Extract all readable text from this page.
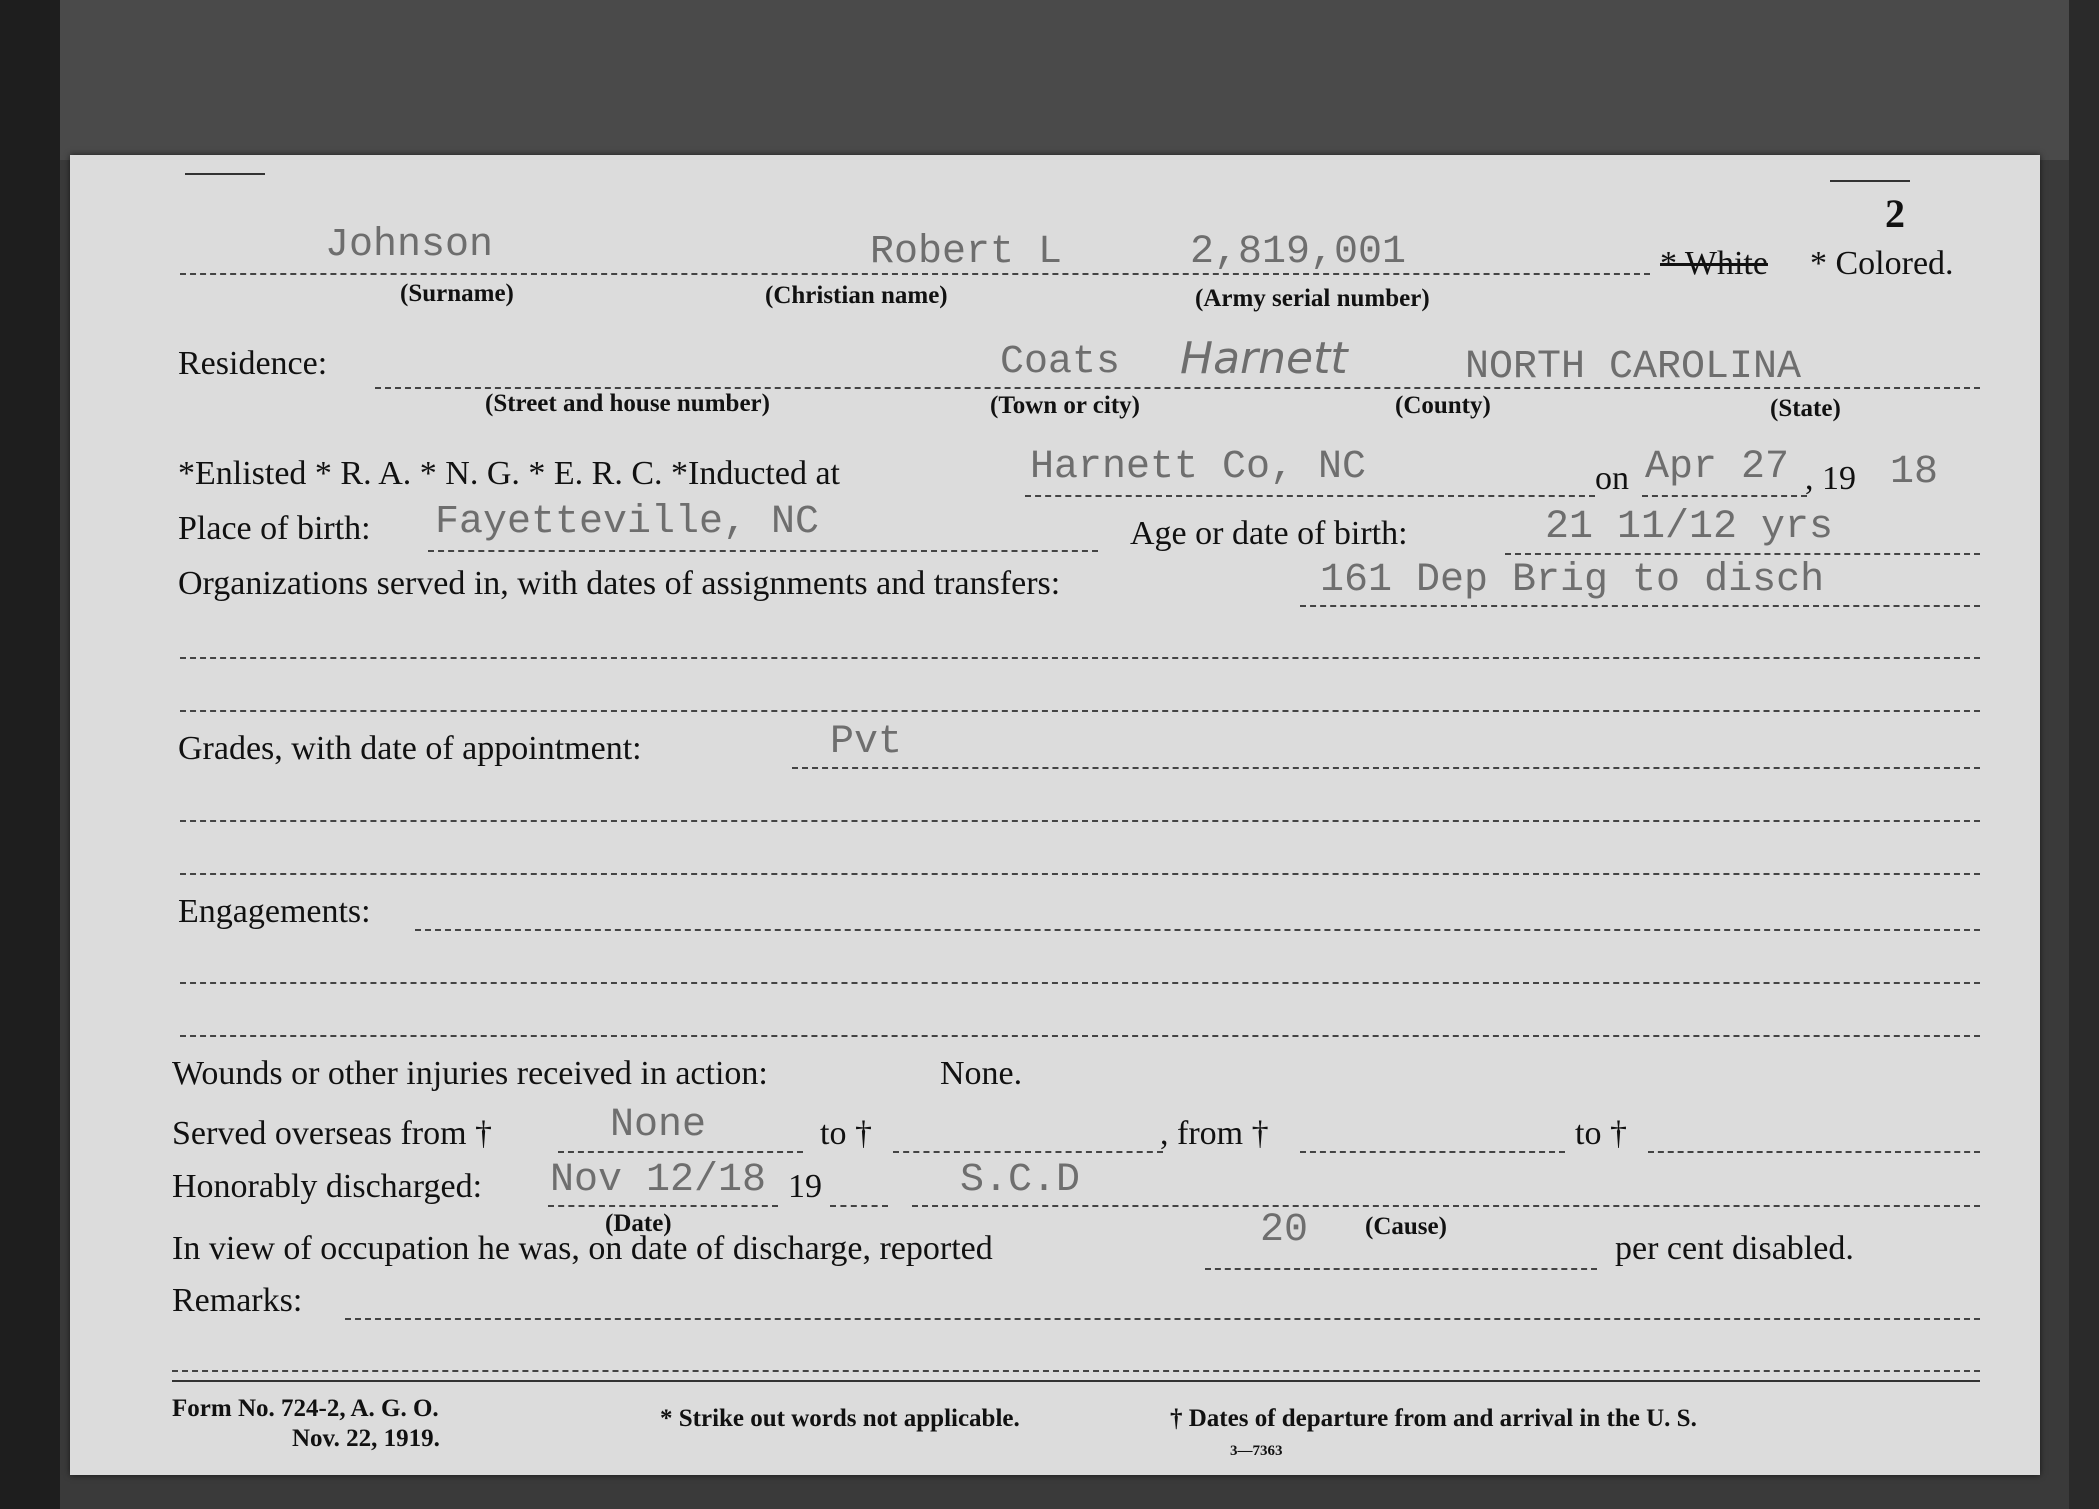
2
Johnson	Robert L	2,819,001	* White * Colored.
(Surname)	(Christian name)	(Army serial number)
Residence:	Coats Harnett	NORTH CAROLINA
(Street and house number)	(Town or city)	(County)	(State)
*Enlisted * R. A. * N. G. * E. R. C. *Inducted at	Harnett Co, NC	on Apr 27 , 19 18
Place of birth: Fayetteville, NC	Age or date of birth:	21 11/12 yrs
Organizations served in, with dates of assignments and transfers:	161 Dep Brig to disch
Grades, with date of appointment:	Pvt
Engagements:
Wounds or other injuries received in action:	None.
Served overseas from †	None	to †	, from †	to †
Honorably discharged: Nov 12/18 19	S.C.D
(Date)	(Cause)
In view of occupation he was, on date of discharge, reported	20	per cent disabled.
Remarks:
Form No. 724-2, A. G. O.
Nov. 22, 1919.
* Strike out words not applicable.	† Dates of departure from and arrival in the U. S.
3—7363
